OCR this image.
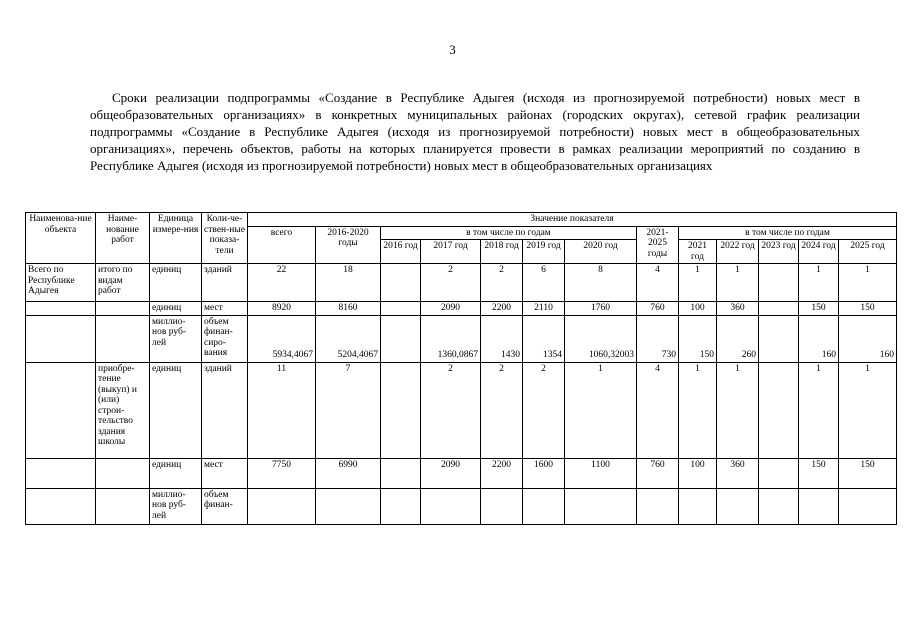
3

Сроки реализации подпрограммы «Создание в Республике Адыгея (исходя из прогнозируемой потребности) новых мест в общеобразовательных организациях» в конкретных муниципальных районах (городских округах), сетевой график реализации подпрограммы «Создание в Республике Адыгея (исходя из прогнозируемой потребности) новых мест в общеобразовательных организациях», перечень объектов, работы на которых планируется провести в рамках реализации мероприятий по созданию в Республике Адыгея (исходя из прогнозируемой потребности) новых мест в общеобразовательных организациях

Наименова-ние объекта	Наиме-нование работ	Единица измере-ния	Коли-че-ствен-ные показа-тели	Значение показателя												
				всего	2016-2020 годы	в том числе по годам					2021-2025 годы	в том числе по годам				
						2016 год	2017 год	2018 год	2019 год	2020 год		2021 год	2022 год	2023 год	2024 год	2025 год
Всего по Республике Адыгея	итого по видам работ	единиц	зданий	22	18		2	2	6	8	4	1	1		1	1
		единиц	мест	8920	8160		2090	2200	2110	1760	760	100	360		150	150
		миллио-нов руб-лей	объем финан-сиро-вания	5934,4067	5204,4067		1360,0867	1430	1354	1060,32003	730	150	260		160	160
	приобре-тение (выкуп) и (или) строи-тельство здания школы	единиц	зданий	11	7		2	2	2	1	4	1	1		1	1
		единиц	мест	7750	6990		2090	2200	1600	1100	760	100	360		150	150
		миллио-нов руб-лей	объем финан-													
